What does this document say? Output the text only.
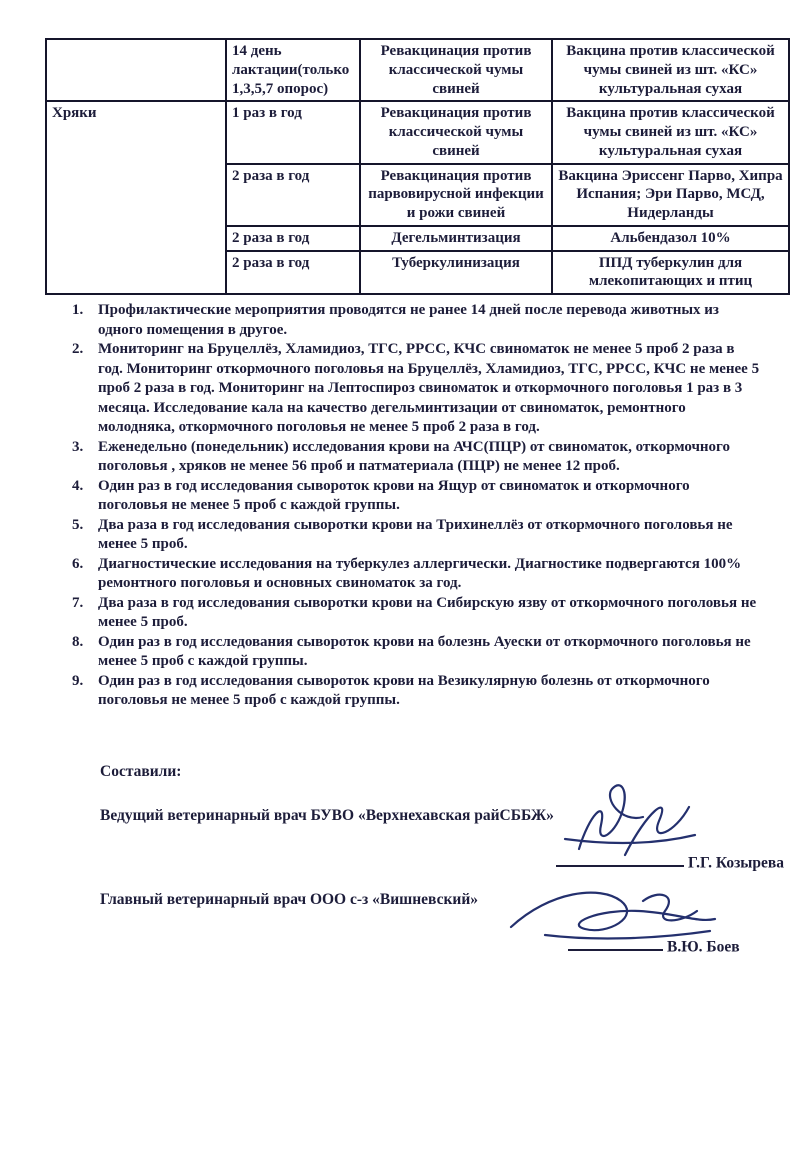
	14 день лактации(только 1,3,5,7 опорос)	Ревакцинация против классической чумы свиней	Вакцина против классической чумы свиней из шт. «КС» культуральная сухая
Хряки	1 раз в год	Ревакцинация против классической чумы свиней	Вакцина против классической чумы свиней из шт. «КС» культуральная сухая
	2 раза в год	Ревакцинация против парвовирусной инфекции и рожи свиней	Вакцина Эриссенг Парво, Хипра Испания; Эри Парво, МСД, Нидерланды
	2 раза в год	Дегельминтизация	Альбендазол 10%
	2 раза в год	Туберкулинизация	ППД туберкулин для млекопитающих и птиц
1. Профилактические мероприятия проводятся не ранее 14 дней после перевода животных из одного помещения в другое.
2. Мониторинг на Бруцеллёз, Хламидиоз, ТГС, РРСС, КЧС свиноматок не менее 5 проб 2 раза в год. Мониторинг откормочного поголовья на Бруцеллёз, Хламидиоз, ТГС, РРСС, КЧС не менее 5 проб 2 раза в год. Мониторинг на Лептоспироз свиноматок и откормочного поголовья 1 раз в 3 месяца. Исследование кала на качество дегельминтизации от свиноматок, ремонтного молодняка, откормочного поголовья не менее 5 проб 2 раза в год.
3. Еженедельно (понедельник) исследования крови на АЧС(ПЦР) от свиноматок, откормочного поголовья , хряков не менее 56 проб и патматериала (ПЦР) не менее 12 проб.
4. Один раз в год исследования сывороток крови на Ящур от свиноматок и откормочного поголовья не менее 5 проб с каждой группы.
5. Два раза в год исследования сыворотки крови на Трихинеллёз от откормочного поголовья не менее 5 проб.
6. Диагностические исследования на туберкулез аллергически. Диагностике подвергаются 100% ремонтного поголовья и основных свиноматок за год.
7. Два раза в год исследования сыворотки крови на Сибирскую язву от откормочного поголовья не менее 5 проб.
8. Один раз в год исследования сывороток крови на болезнь Ауески от откормочного поголовья не менее 5 проб с каждой группы.
9. Один раз в год исследования сывороток крови на Везикулярную болезнь от откормочного поголовья не менее 5 проб с каждой группы.
Составили:
Ведущий ветеринарный врач БУВО «Верхнехавская райСББЖ»
Г.Г. Козырева
Главный ветеринарный врач ООО с-з «Вишневский»
В.Ю. Боев
